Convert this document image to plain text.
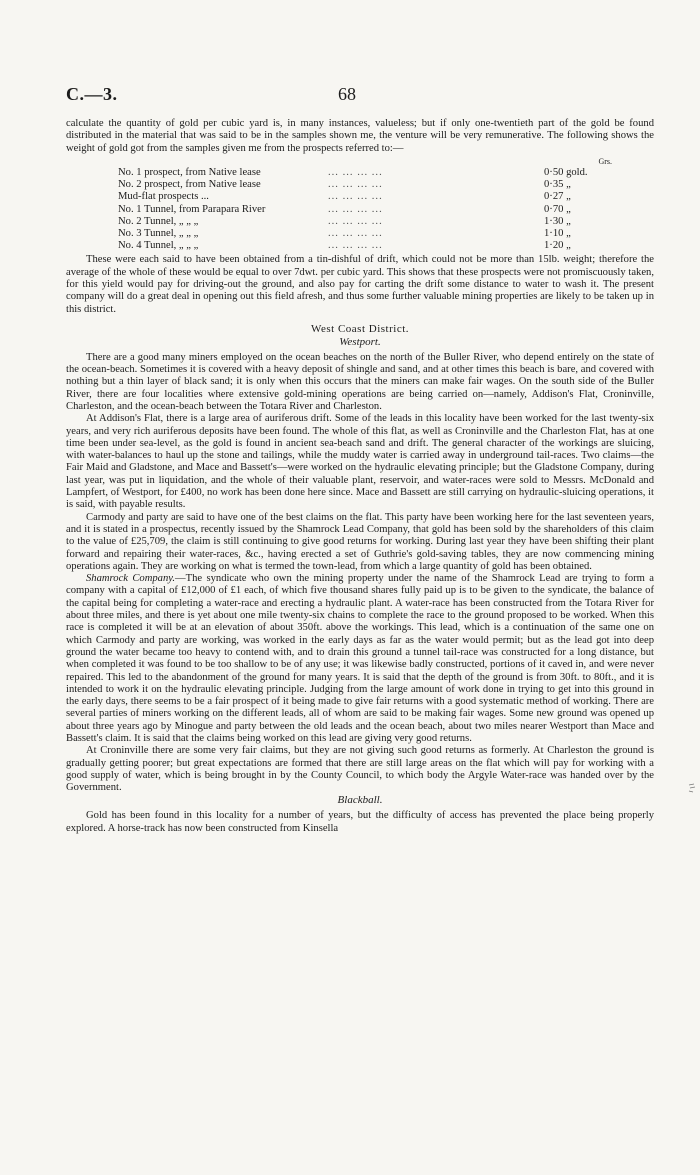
C.—3.	68

calculate the quantity of gold per cubic yard is, in many instances, valueless; but if only one-twentieth part of the gold be found distributed in the material that was said to be in the samples shown me, the venture will be very remunerative. The following shows the weight of gold got from the samples given me from the prospects referred to:—

Grs.
No. 1 prospect, from Native lease	... ... ... ...	0·50 gold.
No. 2 prospect, from Native lease	... ... ... ...	0·35 „
Mud-flat prospects ...	... ... ... ...	0·27 „
No. 1 Tunnel, from Parapara River	... ... ... ...	0·70 „
No. 2 Tunnel, „ „ „	... ... ... ...	1·30 „
No. 3 Tunnel, „ „ „	... ... ... ...	1·10 „
No. 4 Tunnel, „ „ „	... ... ... ...	1·20 „

These were each said to have been obtained from a tin-dishful of drift, which could not be more than 15lb. weight; therefore the average of the whole of these would be equal to over 7dwt. per cubic yard. This shows that these prospects were not promiscuously taken, for this yield would pay for driving-out the ground, and also pay for carting the drift some distance to water to wash it. The present company will do a great deal in opening out this field afresh, and thus some further valuable mining properties are likely to be taken up in this district.

West Coast District.
Westport.

There are a good many miners employed on the ocean beaches on the north of the Buller River, who depend entirely on the state of the ocean-beach. Sometimes it is covered with a heavy deposit of shingle and sand, and at other times this beach is bare, and covered with nothing but a thin layer of black sand; it is only when this occurs that the miners can make fair wages. On the south side of the Buller River, there are four localities where extensive gold-mining operations are being carried on—namely, Addison's Flat, Croninville, Charleston, and the ocean-beach between the Totara River and Charleston.

At Addison's Flat, there is a large area of auriferous drift. Some of the leads in this locality have been worked for the last twenty-six years, and very rich auriferous deposits have been found. The whole of this flat, as well as Croninville and the Charleston Flat, has at one time been under sea-level, as the gold is found in ancient sea-beach sand and drift. The general character of the workings are sluicing, with water-balances to haul up the stone and tailings, while the muddy water is carried away in underground tail-races. Two claims—the Fair Maid and Gladstone, and Mace and Bassett's—were worked on the hydraulic elevating principle; but the Gladstone Company, during last year, was put in liquidation, and the whole of their valuable plant, reservoir, and water-races were sold to Messrs. McDonald and Lampfert, of Westport, for £400, no work has been done here since. Mace and Bassett are still carrying on hydraulic-sluicing operations, it is said, with payable results.

Carmody and party are said to have one of the best claims on the flat. This party have been working here for the last seventeen years, and it is stated in a prospectus, recently issued by the Shamrock Lead Company, that gold has been sold by the shareholders of this claim to the value of £25,709, the claim is still continuing to give good returns for working. During last year they have been shifting their plant forward and repairing their water-races, &c., having erected a set of Guthrie's gold-saving tables, they are now commencing mining operations again. They are working on what is termed the town-lead, from which a large quantity of gold has been obtained.

Shamrock Company.—The syndicate who own the mining property under the name of the Shamrock Lead are trying to form a company with a capital of £12,000 of £1 each, of which five thousand shares fully paid up is to be given to the syndicate, the balance of the capital being for completing a water-race and erecting a hydraulic plant. A water-race has been constructed from the Totara River for about three miles, and there is yet about one mile twenty-six chains to complete the race to the ground proposed to be worked. When this race is completed it will be at an elevation of about 350ft. above the workings. This lead, which is a continuation of the same one on which Carmody and party are working, was worked in the early days as far as the water would permit; but as the lead got into deep ground the water became too heavy to contend with, and to drain this ground a tunnel tail-race was constructed for a long distance, but when completed it was found to be too shallow to be of any use; it was likewise badly constructed, portions of it caved in, and were never repaired. This led to the abandonment of the ground for many years. It is said that the depth of the ground is from 30ft. to 80ft., and it is intended to work it on the hydraulic elevating principle. Judging from the large amount of work done in trying to get into this ground in the early days, there seems to be a fair prospect of it being made to give fair returns with a good systematic method of working. There are several parties of miners working on the different leads, all of whom are said to be making fair wages. Some new ground was opened up about three years ago by Minogue and party between the old leads and the ocean beach, about two miles nearer Westport than Mace and Bassett's claim. It is said that the claims being worked on this lead are giving very good returns.

At Croninville there are some very fair claims, but they are not giving such good returns as formerly. At Charleston the ground is gradually getting poorer; but great expectations are formed that there are still large areas on the flat which will pay for working with a good supply of water, which is being brought in by the County Council, to which body the Argyle Water-race was handed over by the Government.

Blackball.

Gold has been found in this locality for a number of years, but the difficulty of access has prevented the place being properly explored. A horse-track has now been constructed from Kinsella
